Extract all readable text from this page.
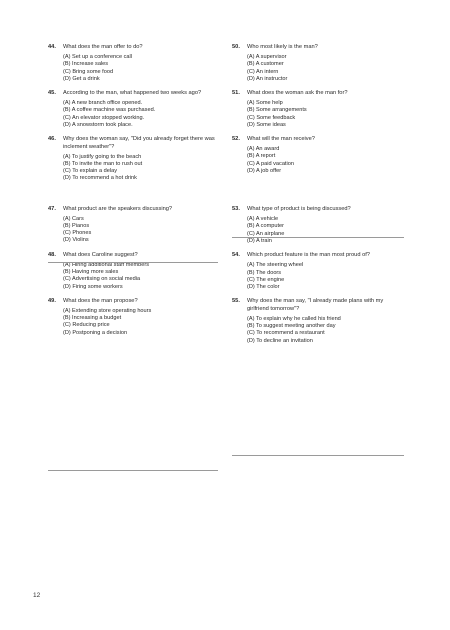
44.	What does the man offer to do?
(A) Set up a conference call
(B) Increase sales
(C) Bring some food
(D) Get a drink
45.	According to the man, what happened two weeks ago?
(A) A new branch office opened.
(B) A coffee machine was purchased.
(C) An elevator stopped working.
(D) A snowstorm took place.
46.	Why does the woman say, "Did you already forget there was inclement weather"?
(A) To justify going to the beach
(B) To invite the man to rush out
(C) To explain a delay
(D) To recommend a hot drink
47.	What product are the speakers discussing?
(A) Cars
(B) Pianos
(C) Phones
(D) Violins
48.	What does Caroline suggest?
(A) Hiring additional staff members
(B) Having more sales
(C) Advertising on social media
(D) Firing some workers
49.	What does the man propose?
(A) Extending store operating hours
(B) Increasing a budget
(C) Reducing price
(D) Postponing a decision
50.	Who most likely is the man?
(A) A supervisor
(B) A customer
(C) An intern
(D) An instructor
51.	What does the woman ask the man for?
(A) Some help
(B) Some arrangements
(C) Some feedback
(D) Some ideas
52.	What will the man receive?
(A) An award
(B) A report
(C) A paid vacation
(D) A job offer
53.	What type of product is being discussed?
(A) A vehicle
(B) A computer
(C) An airplane
(D) A train
54.	Which product feature is the man most proud of?
(A) The steering wheel
(B) The doors
(C) The engine
(D) The color
55.	Why does the man say, "I already made plans with my girlfriend tomorrow"?
(A) To explain why he called his friend
(B) To suggest meeting another day
(C) To recommend a restaurant
(D) To decline an invitation
12
